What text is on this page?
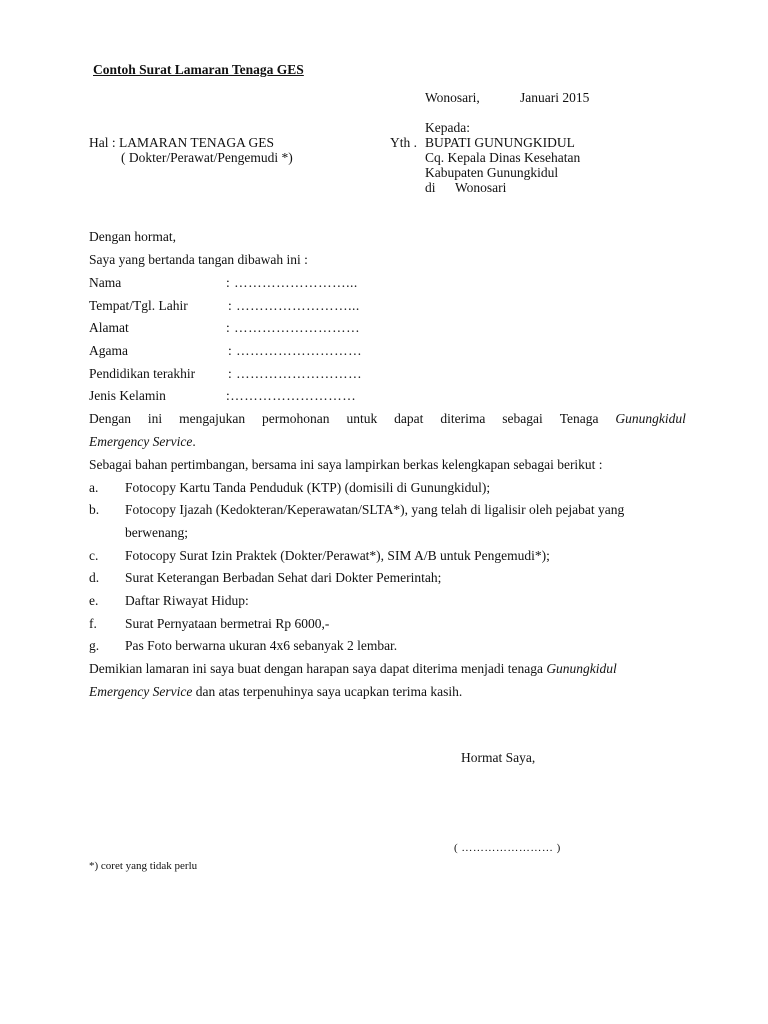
Contoh Surat Lamaran Tenaga GES
Wonosari,	Januari 2015
Kepada:
Yth . BUPATI GUNUNGKIDUL
Cq. Kepala Dinas Kesehatan
Kabupaten Gunungkidul
di Wonosari
Hal : LAMARAN TENAGA GES
( Dokter/Perawat/Pengemudi *)
Dengan hormat,
Saya yang bertanda tangan dibawah ini :
Nama	: ……………………...
Tempat/Tgl. Lahir	: ……………………...
Alamat	: ………………………
Agama	: ………………………
Pendidikan terakhir : ………………………
Jenis Kelamin	:………………………
Dengan ini mengajukan permohonan untuk dapat diterima sebagai Tenaga Gunungkidul
Emergency Service.
Sebagai bahan pertimbangan, bersama ini saya lampirkan berkas kelengkapan sebagai berikut :
a. Fotocopy Kartu Tanda Penduduk (KTP) (domisili di Gunungkidul);
b. Fotocopy Ijazah (Kedokteran/Keperawatan/SLTA*), yang telah di ligalisir oleh pejabat yang
berwenang;
c. Fotocopy Surat Izin Praktek (Dokter/Perawat*), SIM A/B untuk Pengemudi*);
d. Surat Keterangan Berbadan Sehat dari Dokter Pemerintah;
e. Daftar Riwayat Hidup:
f. Surat Pernyataan bermetrai Rp 6000,-
g. Pas Foto berwarna ukuran 4x6 sebanyak 2 lembar.
Demikian lamaran ini saya buat dengan harapan saya dapat diterima menjadi tenaga Gunungkidul
Emergency Service dan atas terpenuhinya saya ucapkan terima kasih.
Hormat Saya,
( …………………… )
*) coret yang tidak perlu
